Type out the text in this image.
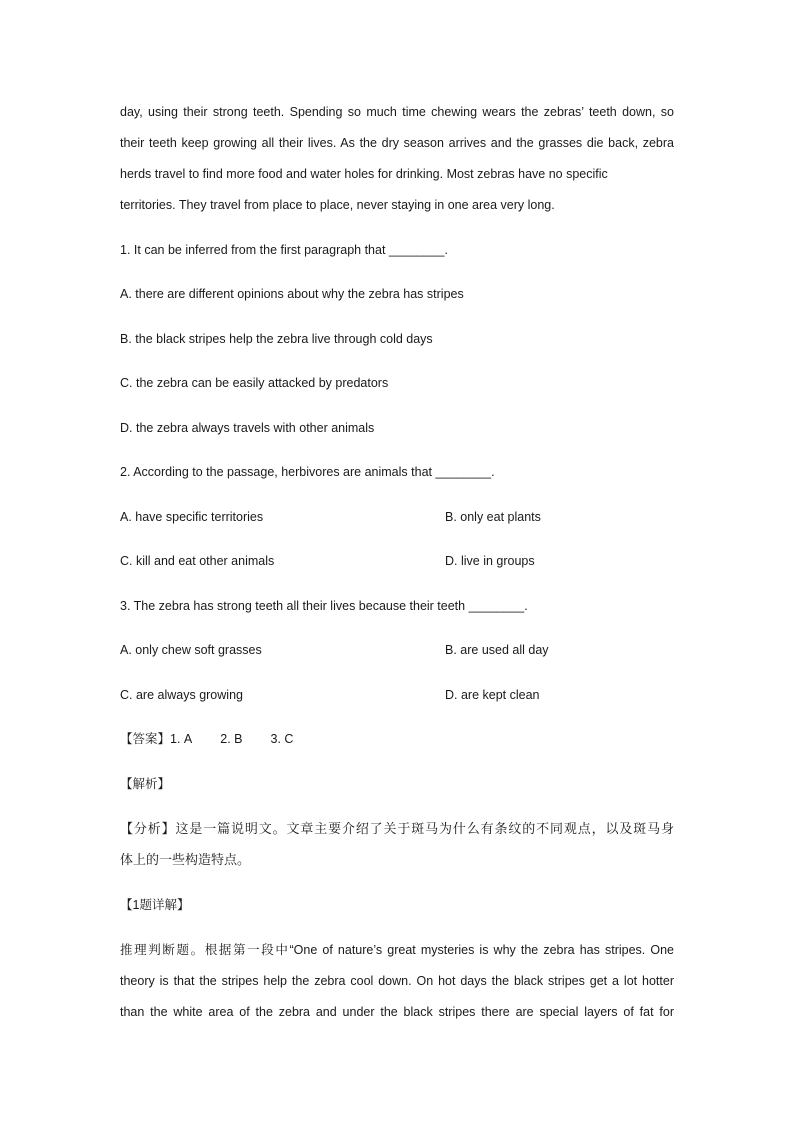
day, using their strong teeth. Spending so much time chewing wears the zebras’ teeth down, so
their teeth keep growing all their lives. As the dry season arrives and the grasses die back, zebra
herds travel to find more food and water holes for drinking. Most zebras have no specific
territories. They travel from place to place, never staying in one area very long.
1. It can be inferred from the first paragraph that ________.
A. there are different opinions about why the zebra has stripes
B. the black stripes help the zebra live through cold days
C. the zebra can be easily attacked by predators
D. the zebra always travels with other animals
2. According to the passage, herbivores are animals that ________.
A. have specific territories	B. only eat plants
C. kill and eat other animals	D. live in groups
3. The zebra has strong teeth all their lives because their teeth ________.
A. only chew soft grasses	B. are used all day
C. are always growing	D. are kept clean
【答案】1. A 2. B 3. C
【解析】
【分析】这是一篇说明文。文章主要介绍了关于斑马为什么有条纹的不同观点，以及斑马身
体上的一些构造特点。
【1题详解】
推理判断题。根据第一段中“One of nature’s great mysteries is why the zebra has stripes. One
theory is that the stripes help the zebra cool down. On hot days the black stripes get a lot hotter
than the white area of the zebra and under the black stripes there are special layers of fat for
